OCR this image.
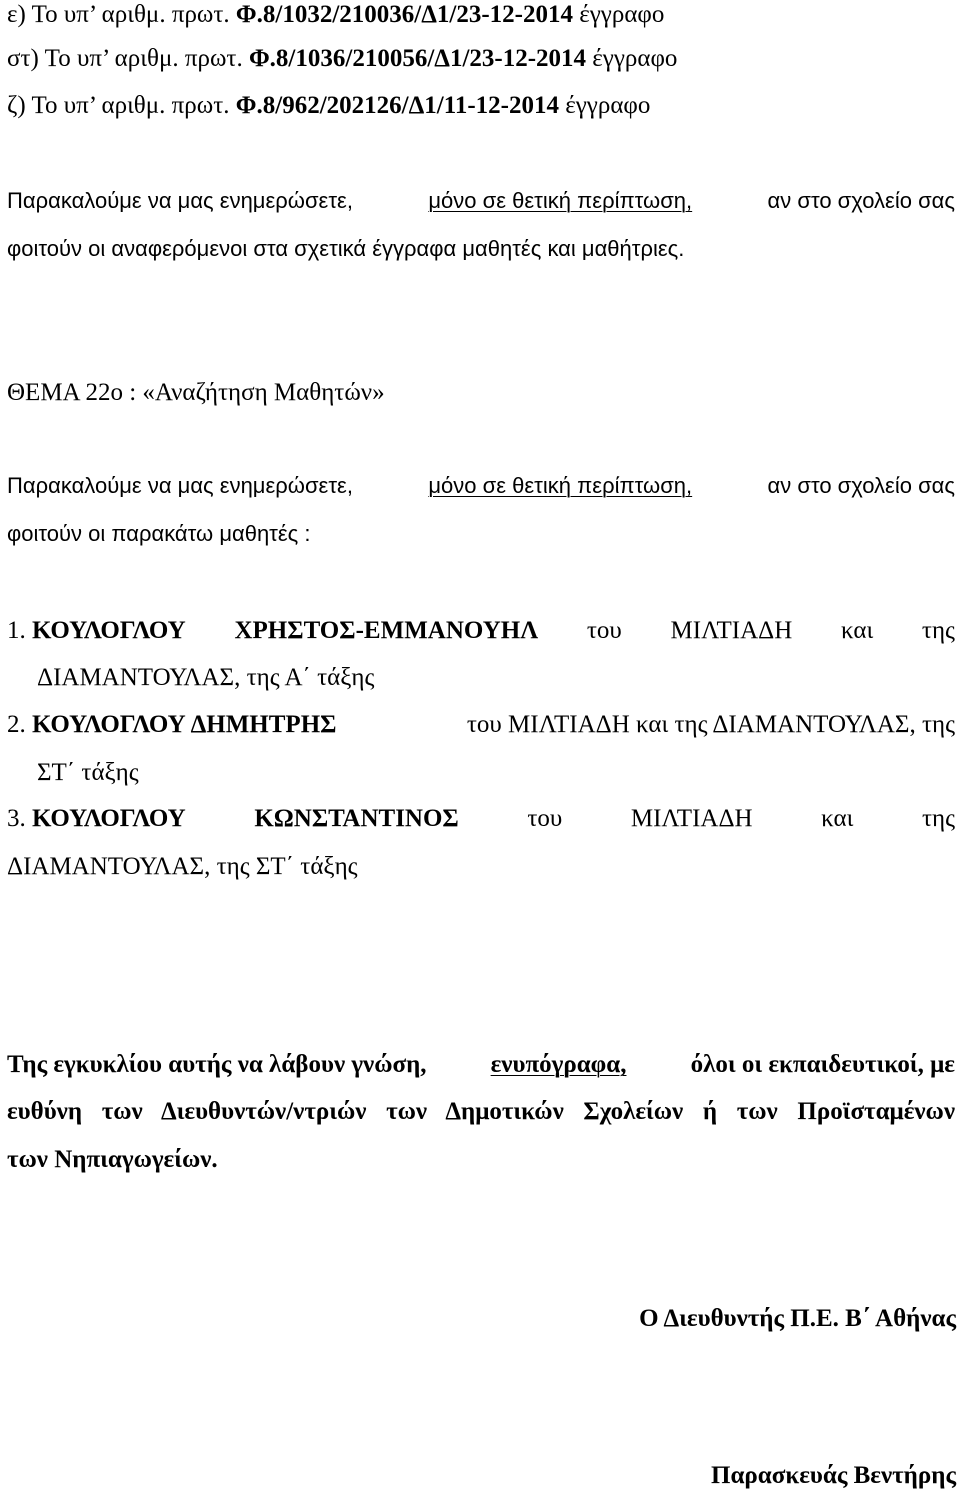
ε) Το υπ’ αριθμ. πρωτ. Φ.8/1032/210036/Δ1/23-12-2014 έγγραφο
στ) Το υπ’ αριθμ. πρωτ. Φ.8/1036/210056/Δ1/23-12-2014 έγγραφο
ζ) Το υπ’ αριθμ. πρωτ. Φ.8/962/202126/Δ1/11-12-2014 έγγραφο
Παρακαλούμε να μας ενημερώσετε,	μόνο σε θετική περίπτωση,	αν στο σχολείο σας
φοιτούν οι αναφερόμενοι στα σχετικά έγγραφα μαθητές και μαθήτριες.
ΘΕΜΑ 22ο : «Αναζήτηση Μαθητών»
Παρακαλούμε να μας ενημερώσετε,	μόνο σε θετική περίπτωση,	αν στο σχολείο σας
φοιτούν οι παρακάτω μαθητές :
1. ΚΟΥΛΟΓΛΟΥ ΧΡΗΣΤΟΣ-ΕΜΜΑΝΟΥΗΛ του ΜΙΛΤΙΑΔΗ και της
ΔΙΑΜΑΝΤΟΥΛΑΣ, της Α΄ τάξης
2. ΚΟΥΛΟΓΛΟΥ ΔΗΜΗΤΡΗΣ	του ΜΙΛΤΙΑΔΗ και της ΔΙΑΜΑΝΤΟΥΛΑΣ, της
ΣΤ΄ τάξης
3. ΚΟΥΛΟΓΛΟΥ	ΚΩΝΣΤΑΝΤΙΝΟΣ	του	ΜΙΛΤΙΑΔΗ	και	της
ΔΙΑΜΑΝΤΟΥΛΑΣ, της ΣΤ΄ τάξης
Της εγκυκλίου αυτής να λάβουν γνώση,	ενυπόγραφα,	όλοι οι εκπαιδευτικοί, με
ευθύνη των Διευθυντών/ντριών των Δημοτικών Σχολείων ή των Προϊσταμένων
των Νηπιαγωγείων.
Ο Διευθυντής Π.Ε. Β΄ Αθήνας
Παρασκευάς Βεντήρης
